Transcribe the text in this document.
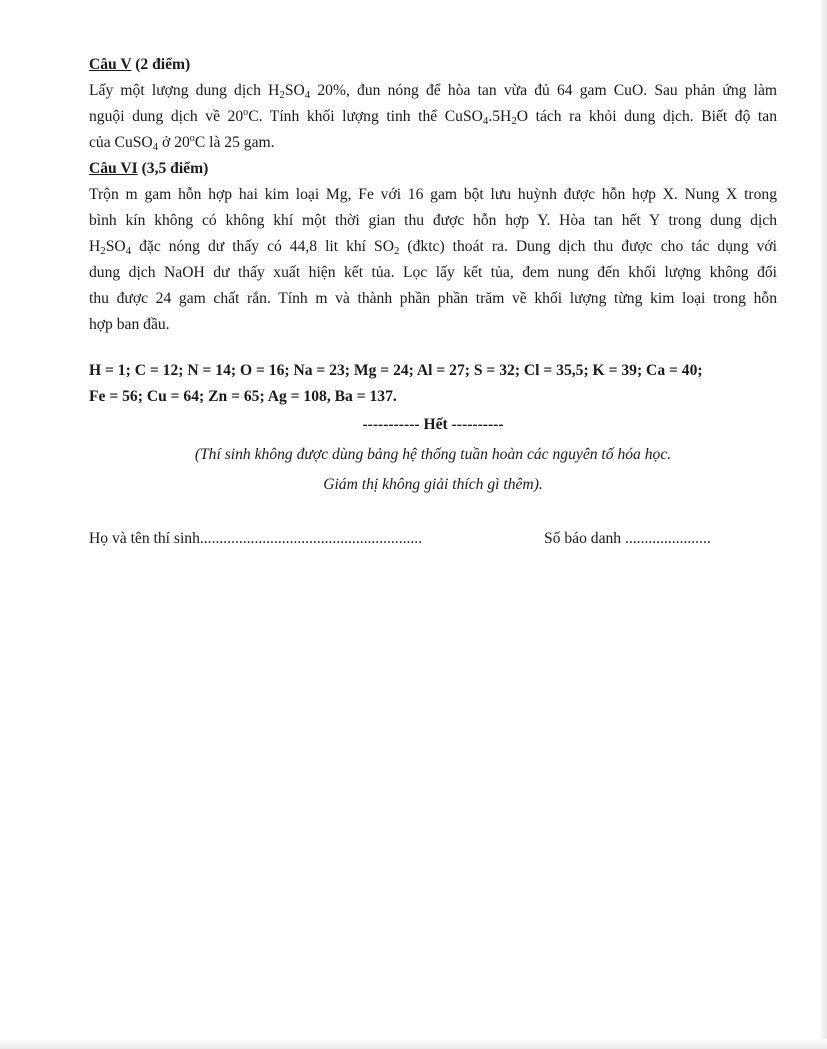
Câu V (2 điểm)
Lấy một lượng dung dịch $H_2SO_4$ 20%, đun nóng để hòa tan vừa đủ 64 gam CuO. Sau phản ứng làm
nguội dung dịch về 20$^o$C. Tính khối lượng tinh thể $CuSO_4.5H_2O$ tách ra khỏi dung dịch. Biết độ tan
của CuSO$_4$ ở 20$^o$C là 25 gam.
Câu VI (3,5 điểm)
Trộn m gam hỗn hợp hai kim loại Mg, Fe với 16 gam bột lưu huỳnh được hỗn hợp X. Nung X trong
bình kín không có không khí một thời gian thu được hỗn hợp Y. Hòa tan hết Y trong dung dịch
$H_2SO_4$ đặc nóng dư thấy có 44,8 lit khí $SO_2$ (đktc) thoát ra. Dung dịch thu được cho tác dụng với
dung dịch NaOH dư thấy xuất hiện kết tủa. Lọc lấy kết tủa, đem nung đến khối lượng không đổi
thu được 24 gam chất rắn. Tính m và thành phần phần trăm về khối lượng từng kim loại trong hỗn
hợp ban đầu.
H = 1; C = 12; N = 14; O = 16; Na = 23; Mg = 24; Al = 27; S = 32; Cl = 35,5; K = 39; Ca = 40;
Fe = 56; Cu = 64; Zn = 65; Ag = 108, Ba = 137.
----------- Hết ----------
(Thí sinh không được dùng bảng hệ thống tuần hoàn các nguyên tố hóa học.
Giám thị không giải thích gì thêm).
Họ và tên thí sinh.........................................................	Số báo danh ......................
